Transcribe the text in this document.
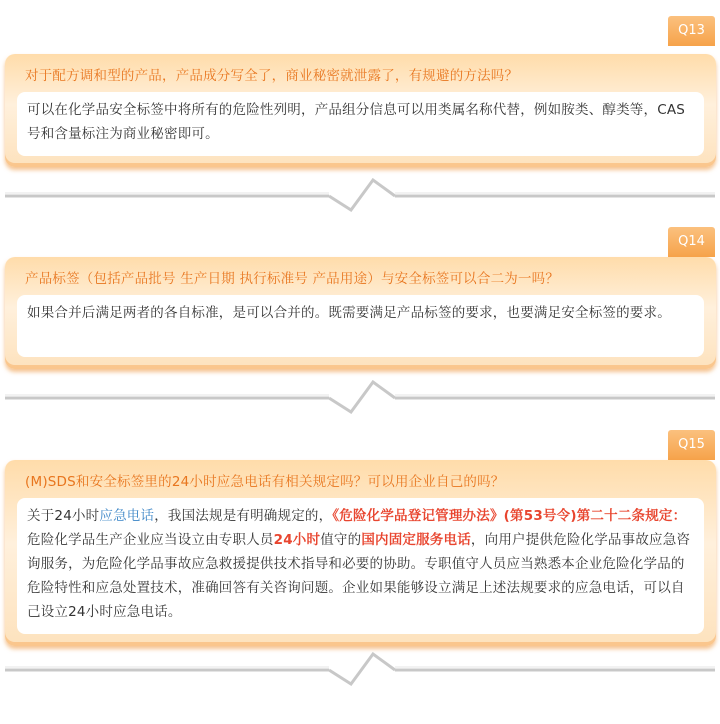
Q13
对于配方调和型的产品，产品成分写全了，商业秘密就泄露了，有规避的方法吗？
可以在化学品安全标签中将所有的危险性列明，产品组分信息可以用类属名称代替，例如胺类、醇类等，CAS号和含量标注为商业秘密即可。
Q14
产品标签（包括产品批号 生产日期 执行标准号 产品用途）与安全标签可以合二为一吗？
如果合并后满足两者的各自标准，是可以合并的。既需要满足产品标签的要求，也要满足安全标签的要求。
Q15
(M)SDS和安全标签里的24小时应急电话有相关规定吗？可以用企业自己的吗？
关于24小时应急电话，我国法规是有明确规定的，《危险化学品登记管理办法》(第53号令)第二十二条规定：危险化学品生产企业应当设立由专职人员24小时值守的国内固定服务电话，向用户提供危险化学品事故应急咨询服务，为危险化学品事故应急救援提供技术指导和必要的协助。专职值守人员应当熟悉本企业危险化学品的危险特性和应急处置技术，准确回答有关咨询问题。企业如果能够设立满足上述法规要求的应急电话，可以自己设立24小时应急电话。
